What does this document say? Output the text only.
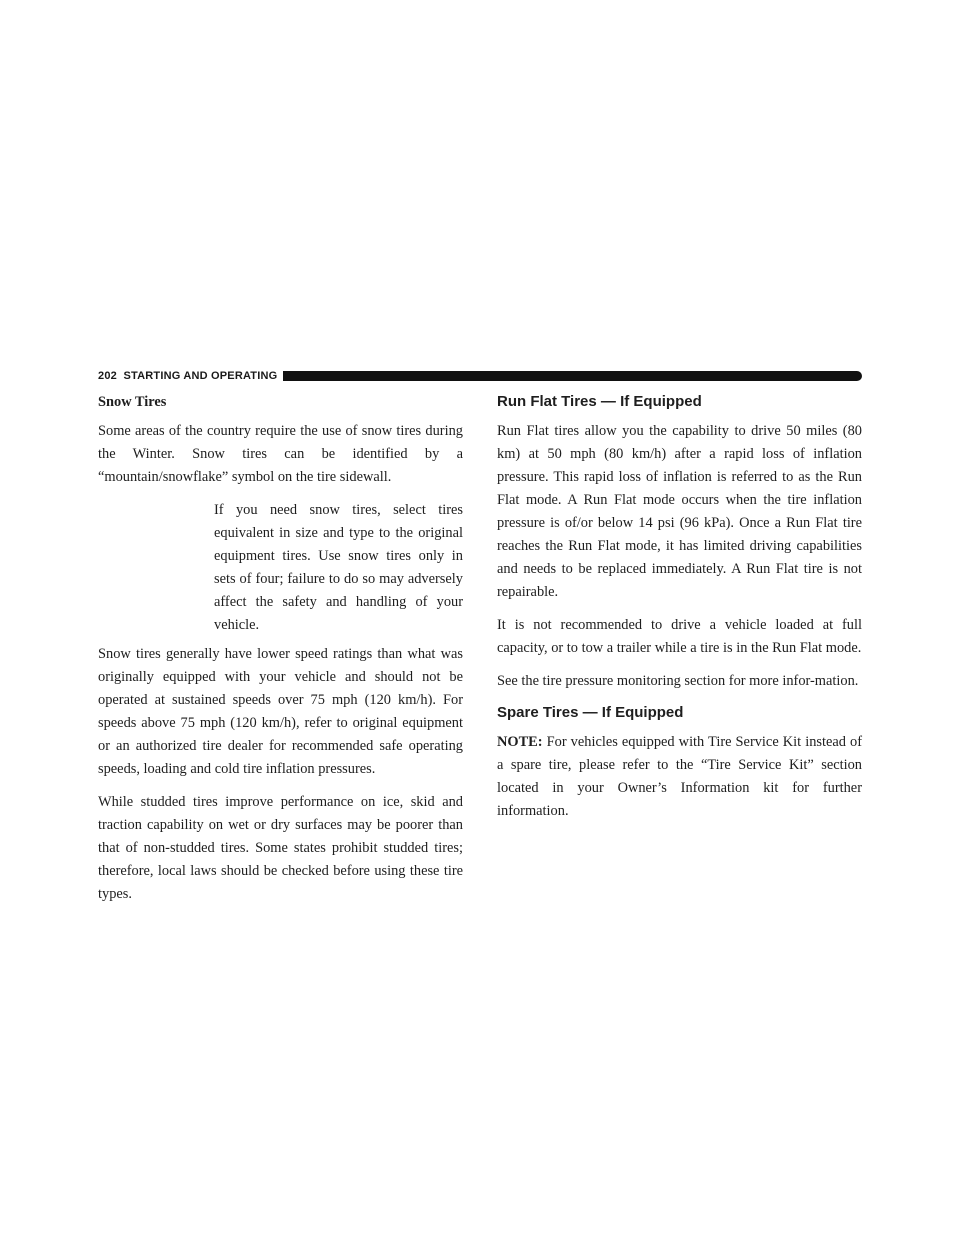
202 STARTING AND OPERATING
Snow Tires

Some areas of the country require the use of snow tires during the Winter. Snow tires can be identified by a “mountain/snowflake” symbol on the tire sidewall.

If you need snow tires, select tires equivalent in size and type to the original equipment tires. Use snow tires only in sets of four; failure to do so may adversely affect the safety and handling of your vehicle.

Snow tires generally have lower speed ratings than what was originally equipped with your vehicle and should not be operated at sustained speeds over 75 mph (120 km/h). For speeds above 75 mph (120 km/h), refer to original equipment or an authorized tire dealer for recommended safe operating speeds, loading and cold tire inflation pressures.

While studded tires improve performance on ice, skid and traction capability on wet or dry surfaces may be poorer than that of non-studded tires. Some states prohibit studded tires; therefore, local laws should be checked before using these tire types.

Run Flat Tires — If Equipped

Run Flat tires allow you the capability to drive 50 miles (80 km) at 50 mph (80 km/h) after a rapid loss of inflation pressure. This rapid loss of inflation is referred to as the Run Flat mode. A Run Flat mode occurs when the tire inflation pressure is of/or below 14 psi (96 kPa). Once a Run Flat tire reaches the Run Flat mode, it has limited driving capabilities and needs to be replaced immediately. A Run Flat tire is not repairable.

It is not recommended to drive a vehicle loaded at full capacity, or to tow a trailer while a tire is in the Run Flat mode.

See the tire pressure monitoring section for more infor-mation.

Spare Tires — If Equipped

NOTE: For vehicles equipped with Tire Service Kit instead of a spare tire, please refer to the “Tire Service Kit” section located in your Owner’s Information kit for further information.
